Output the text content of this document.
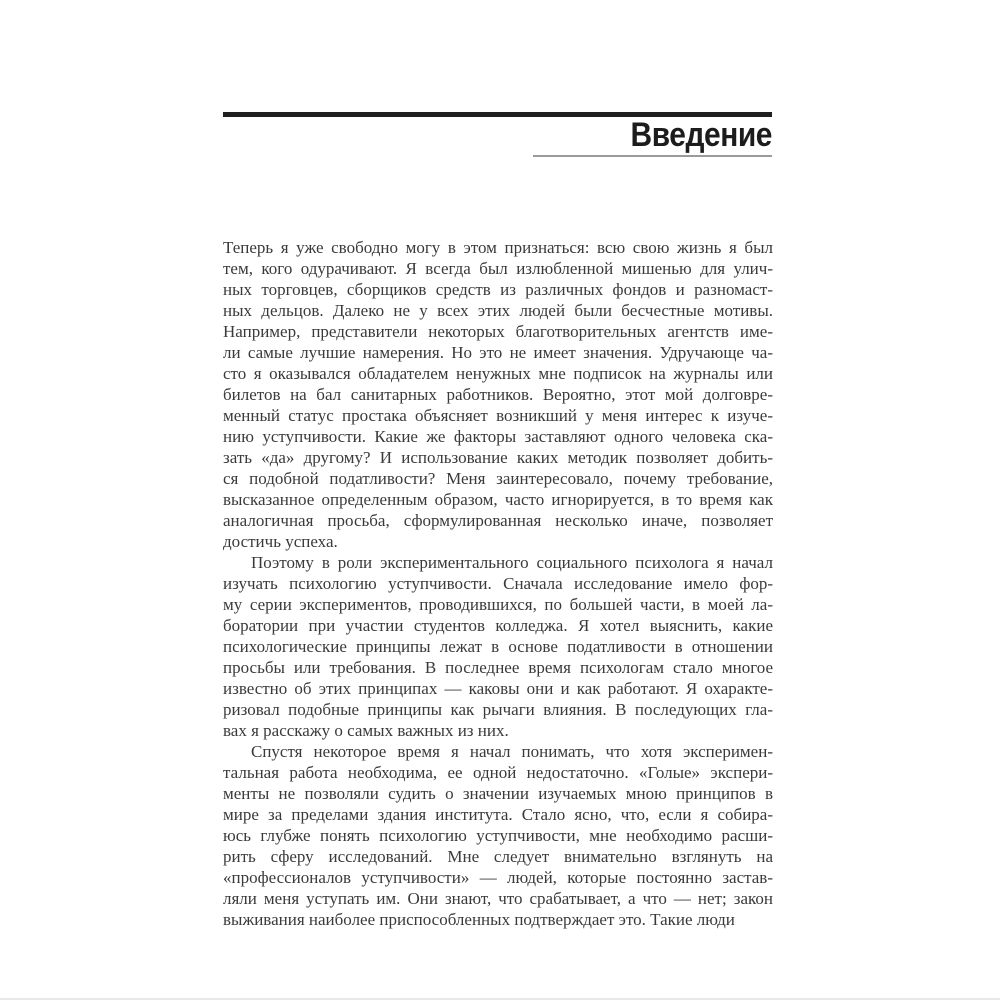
Введение
Теперь я уже свободно могу в этом признаться: всю свою жизнь я был
тем, кого одурачивают. Я всегда был излюбленной мишенью для улич-
ных торговцев, сборщиков средств из различных фондов и разномаст-
ных дельцов. Далеко не у всех этих людей были бесчестные мотивы.
Например, представители некоторых благотворительных агентств име-
ли самые лучшие намерения. Но это не имеет значения. Удручающе ча-
сто я оказывался обладателем ненужных мне подписок на журналы или
билетов на бал санитарных работников. Вероятно, этот мой долговре-
менный статус простака объясняет возникший у меня интерес к изуче-
нию уступчивости. Какие же факторы заставляют одного человека ска-
зать «да» другому? И использование каких методик позволяет добить-
ся подобной податливости? Меня заинтересовало, почему требование,
высказанное определенным образом, часто игнорируется, в то время как
аналогичная просьба, сформулированная несколько иначе, позволяет
достичь успеха.
Поэтому в роли экспериментального социального психолога я начал
изучать психологию уступчивости. Сначала исследование имело фор-
му серии экспериментов, проводившихся, по большей части, в моей ла-
боратории при участии студентов колледжа. Я хотел выяснить, какие
психологические принципы лежат в основе податливости в отношении
просьбы или требования. В последнее время психологам стало многое
известно об этих принципах — каковы они и как работают. Я охаракте-
ризовал подобные принципы как рычаги влияния. В последующих гла-
вах я расскажу о самых важных из них.
Спустя некоторое время я начал понимать, что хотя эксперимен-
тальная работа необходима, ее одной недостаточно. «Голые» экспери-
менты не позволяли судить о значении изучаемых мною принципов в
мире за пределами здания института. Стало ясно, что, если я собира-
юсь глубже понять психологию уступчивости, мне необходимо расши-
рить сферу исследований. Мне следует внимательно взглянуть на
«профессионалов уступчивости» — людей, которые постоянно застав-
ляли меня уступать им. Они знают, что срабатывает, а что — нет; закон
выживания наиболее приспособленных подтверждает это. Такие люди
